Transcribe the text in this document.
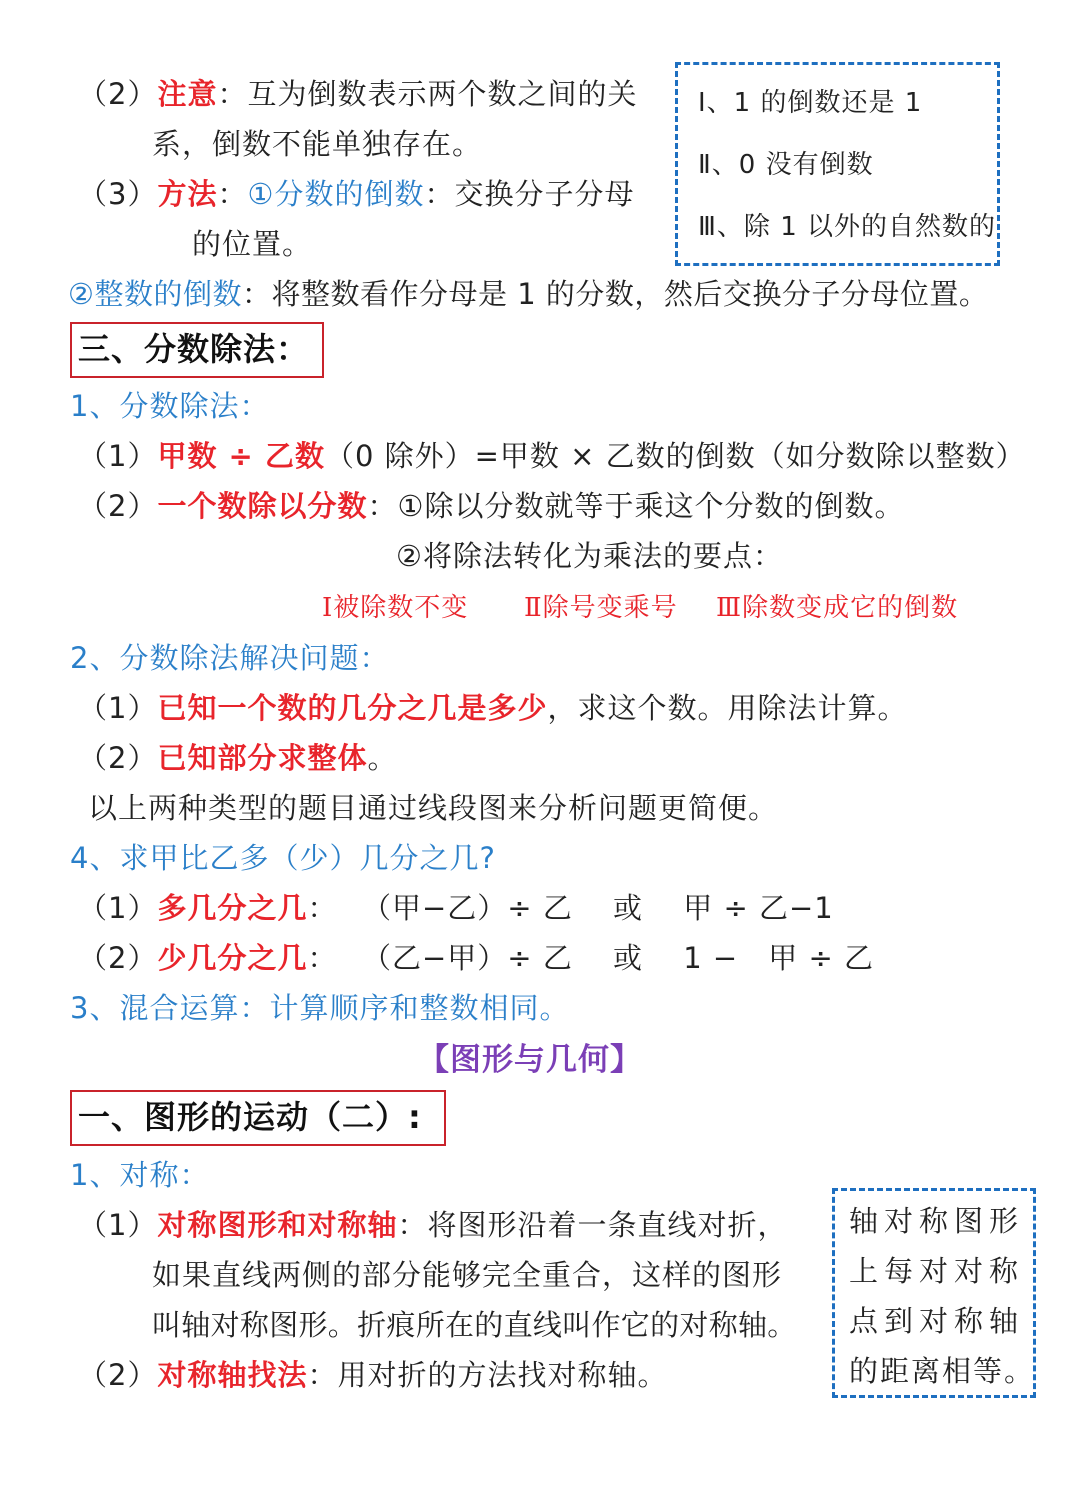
（2）注意：互为倒数表示两个数之间的关
系，倒数不能单独存在。
（3）方法：①分数的倒数：交换分子分母
的位置。
②整数的倒数：将整数看作分母是 1 的分数，然后交换分子分母位置。
Ⅰ、1 的倒数还是 1
Ⅱ、0 没有倒数
Ⅲ、除 1 以外的自然数的
三、分数除法：
1、分数除法：
（1）甲数 ÷ 乙数（0 除外）=甲数 × 乙数的倒数（如分数除以整数）
（2）一个数除以分数：①除以分数就等于乘这个分数的倒数。
②将除法转化为乘法的要点：
Ⅰ被除数不变 Ⅱ除号变乘号 Ⅲ除数变成它的倒数
2、分数除法解决问题：
（1）已知一个数的几分之几是多少，求这个数。用除法计算。
（2）已知部分求整体。
以上两种类型的题目通过线段图来分析问题更简便。
4、求甲比乙多（少）几分之几?
（1）多几分之几： （甲−乙）÷ 乙　 或　 甲 ÷ 乙−1
（2）少几分之几： （乙−甲）÷ 乙　 或　 1 −　甲 ÷ 乙
3、混合运算：计算顺序和整数相同。
【图形与几何】
一、图形的运动（二）:
1、对称：
（1）对称图形和对称轴：将图形沿着一条直线对折，
如果直线两侧的部分能够完全重合，这样的图形
叫轴对称图形。折痕所在的直线叫作它的对称轴。
（2）对称轴找法：用对折的方法找对称轴。
轴对称图形
上每对对称
点到对称轴
的距离相等。
